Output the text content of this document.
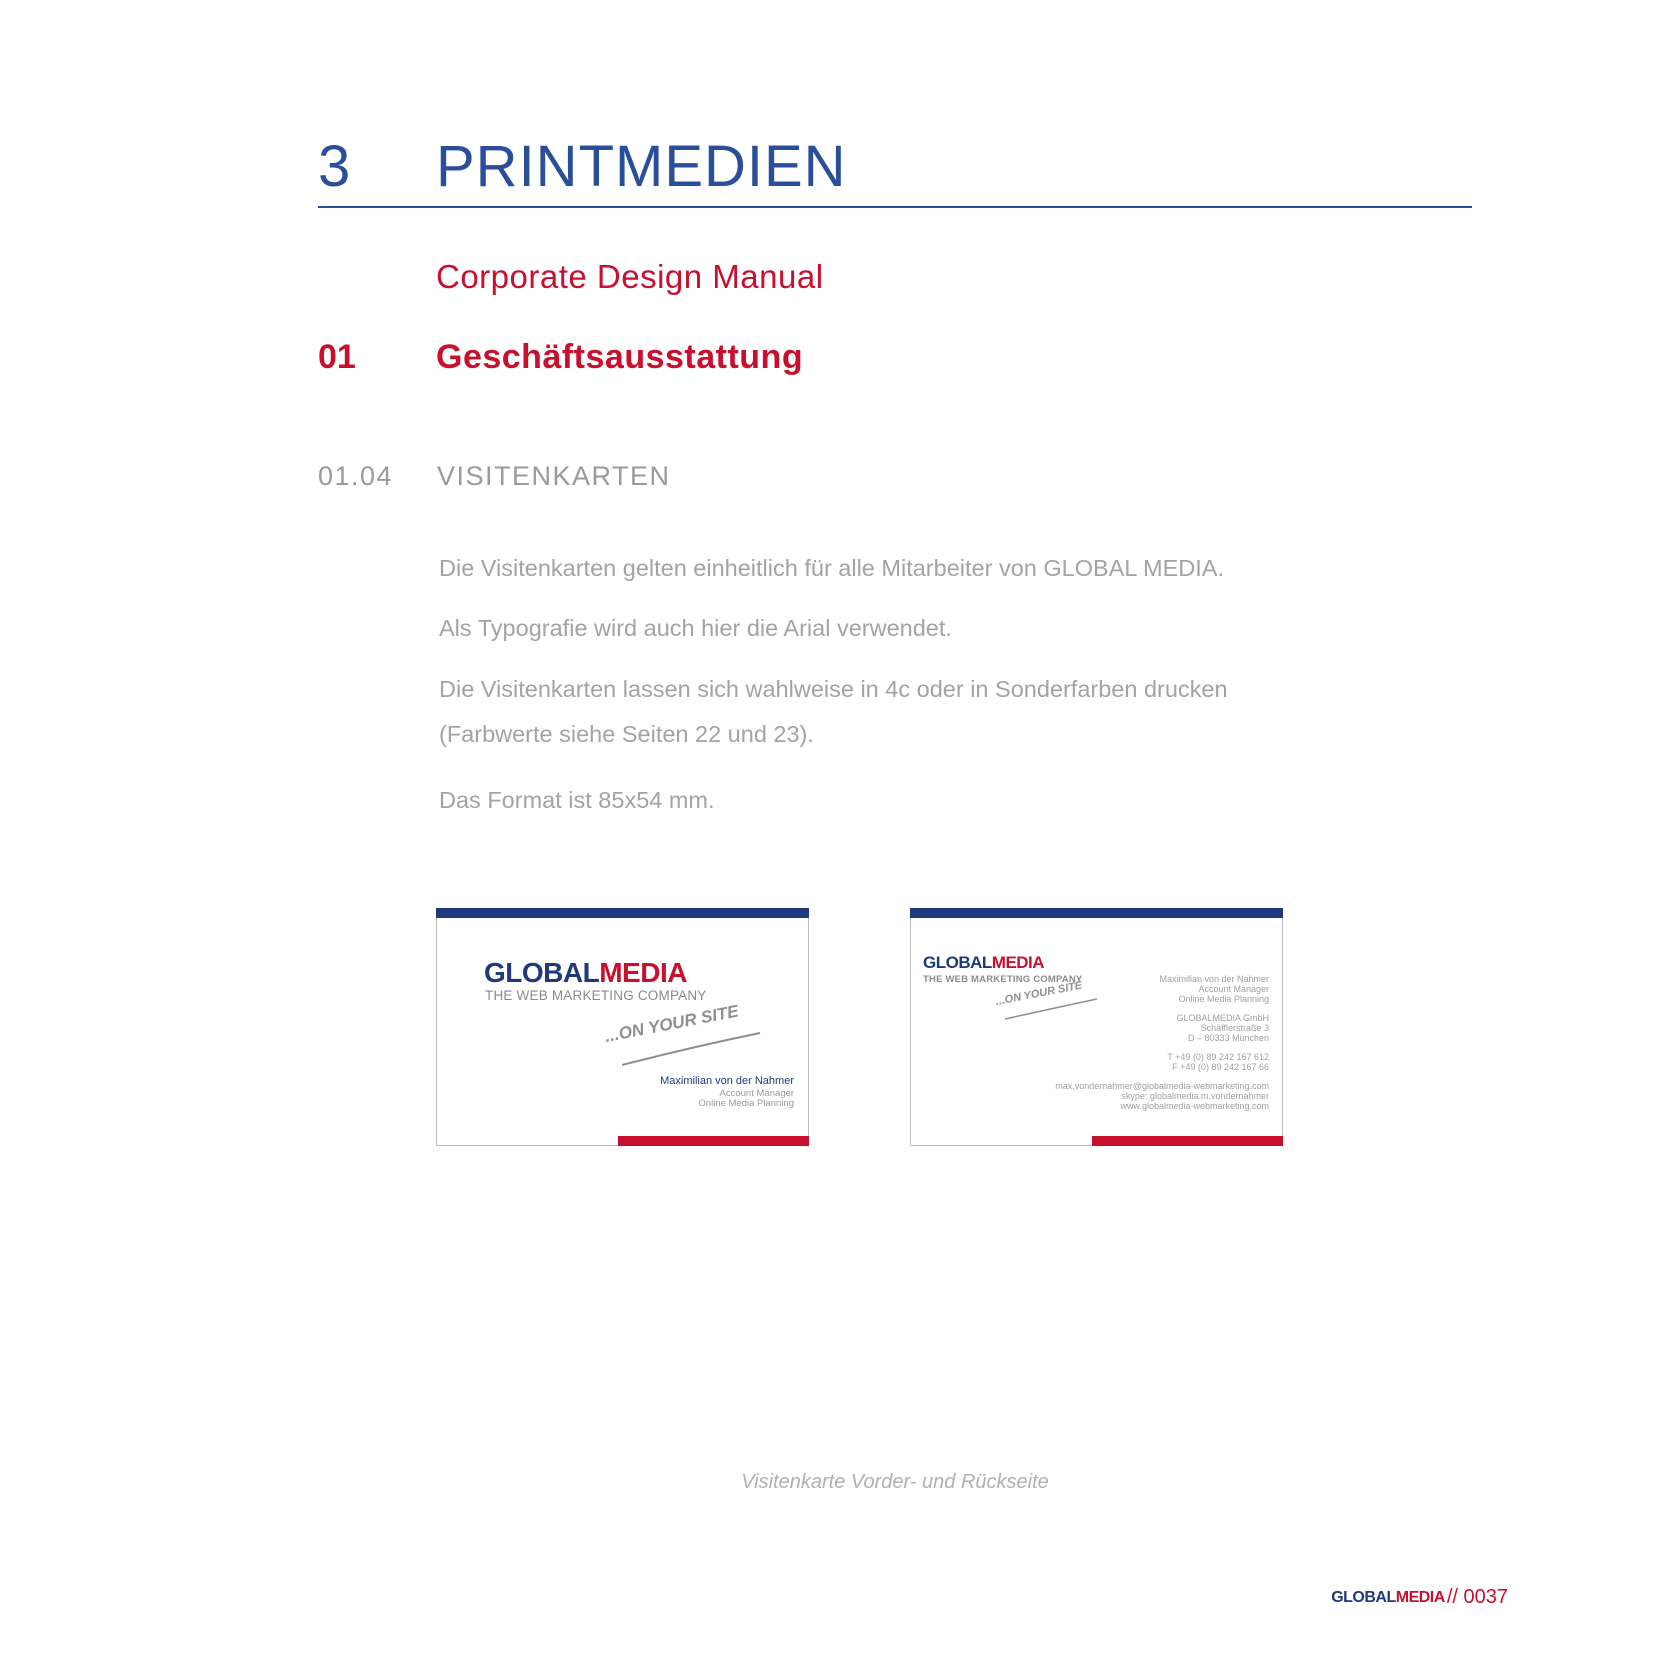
3 PRINTMEDIEN
Corporate Design Manual
01 Geschäftsausstattung
01.04 VISITENKARTEN
Die Visitenkarten gelten einheitlich für alle Mitarbeiter von GLOBAL MEDIA.
Als Typografie wird auch hier die Arial verwendet.
Die Visitenkarten lassen sich wahlweise in 4c oder in Sonderfarben drucken
(Farbwerte siehe Seiten 22 und 23).
Das Format ist 85x54 mm.
GLOBALMEDIA
THE WEB MARKETING COMPANY
...ON YOUR SITE
Maximilian von der Nahmer
Account Manager
Online Media Planning
GLOBALMEDIA
THE WEB MARKETING COMPANY
...ON YOUR SITE
Maximilian von der Nahmer
Account Manager
Online Media Planning
GLOBALMEDIA GmbH
Schäfflerstraße 3
D – 80333 München
T +49 (0) 89 242 167 612
F +49 (0) 89 242 167 66
max.vondernahmer@globalmedia-webmarketing.com
skype: globalmedia.m.vondernahmer
www.globalmedia-webmarketing.com
Visitenkarte Vorder- und Rückseite
GLOBALMEDIA // 0037
